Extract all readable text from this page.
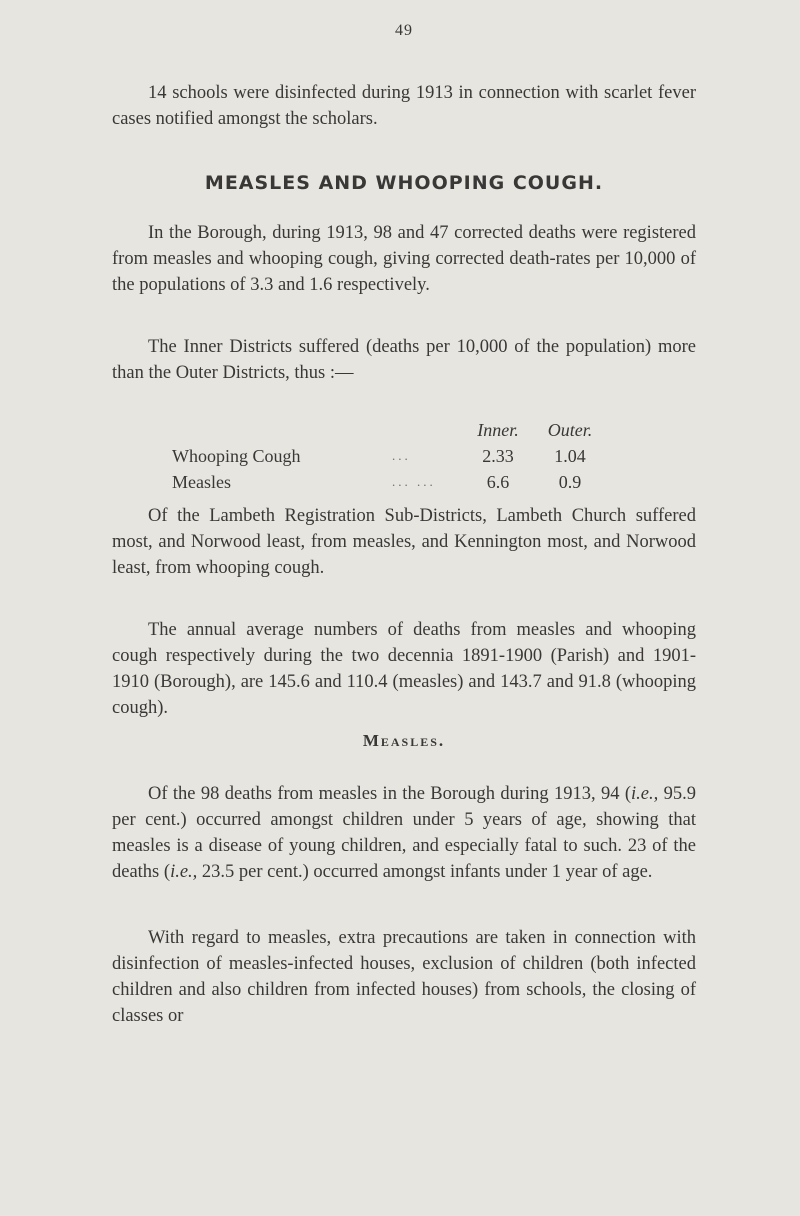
49

14 schools were disinfected during 1913 in connection with scarlet fever cases notified amongst the scholars.

MEASLES AND WHOOPING COUGH.

In the Borough, during 1913, 98 and 47 corrected deaths were registered from measles and whooping cough, giving corrected death-rates per 10,000 of the populations of 3.3 and 1.6 respectively.

The Inner Districts suffered (deaths per 10,000 of the population) more than the Outer Districts, thus :—

		Inner.	Outer.
Whooping Cough	...	2.33	1.04
Measles	... ...	6.6	0.9

Of the Lambeth Registration Sub-Districts, Lambeth Church suffered most, and Norwood least, from measles, and Kennington most, and Norwood least, from whooping cough.

The annual average numbers of deaths from measles and whooping cough respectively during the two decennia 1891-1900 (Parish) and 1901-1910 (Borough), are 145.6 and 110.4 (measles) and 143.7 and 91.8 (whooping cough).

Measles.

Of the 98 deaths from measles in the Borough during 1913, 94 (i.e., 95.9 per cent.) occurred amongst children under 5 years of age, showing that measles is a disease of young children, and especially fatal to such. 23 of the deaths (i.e., 23.5 per cent.) occurred amongst infants under 1 year of age.

With regard to measles, extra precautions are taken in connection with disinfection of measles-infected houses, exclusion of children (both infected children and also children from infected houses) from schools, the closing of classes or
